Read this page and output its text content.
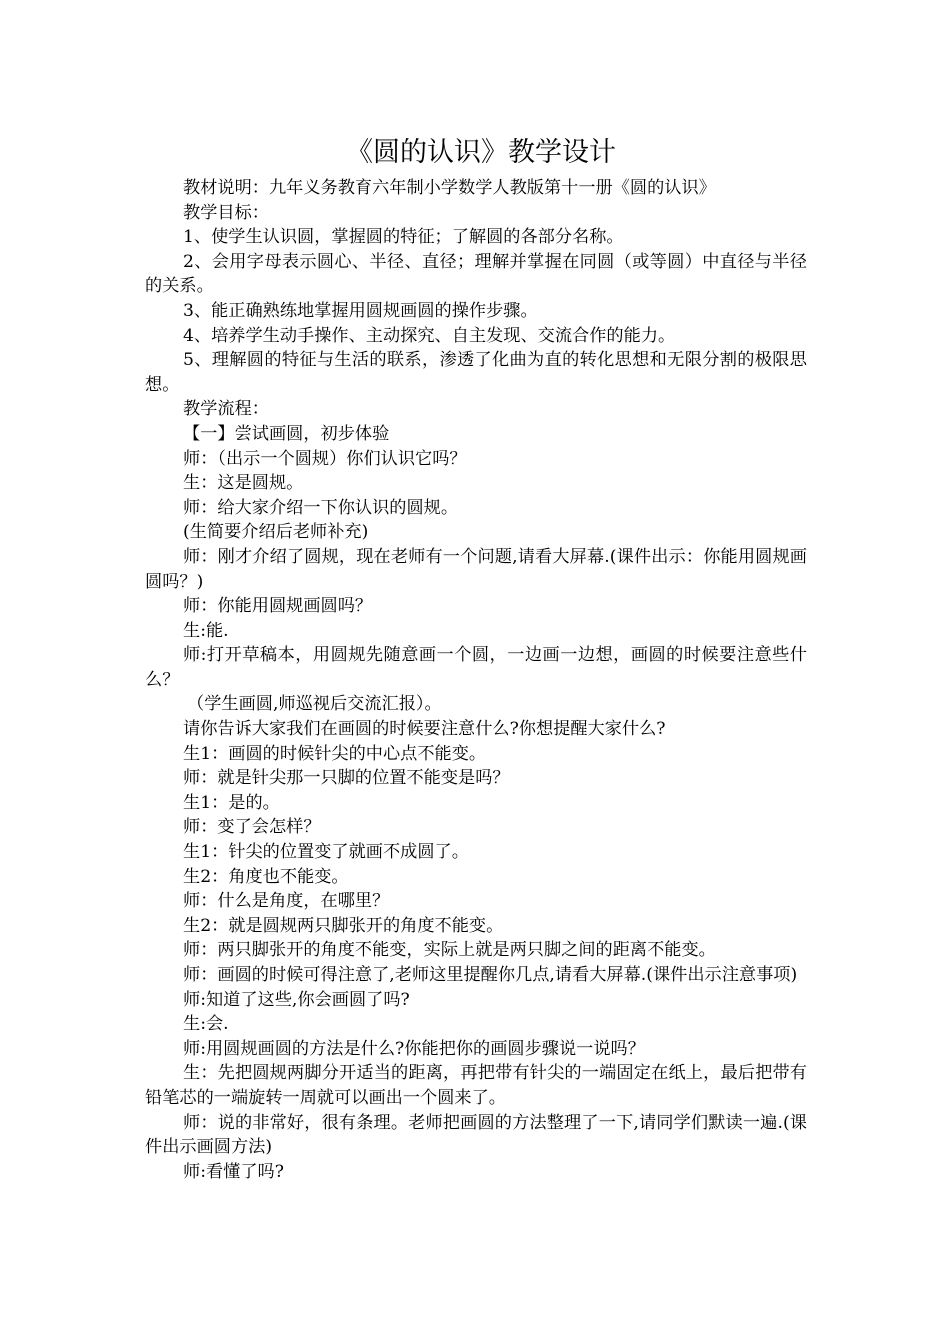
《圆的认识》教学设计

教材说明：九年义务教育六年制小学数学人教版第十一册《圆的认识》

教学目标：

1、使学生认识圆，掌握圆的特征；了解圆的各部分名称。

2、会用字母表示圆心、半径、直径；理解并掌握在同圆（或等圆）中直径与半径的关系。

3、能正确熟练地掌握用圆规画圆的操作步骤。

4、培养学生动手操作、主动探究、自主发现、交流合作的能力。

5、理解圆的特征与生活的联系，渗透了化曲为直的转化思想和无限分割的极限思想。

教学流程：

【一】尝试画圆，初步体验

师：（出示一个圆规）你们认识它吗？

生：这是圆规。

师：给大家介绍一下你认识的圆规。

(生简要介绍后老师补充)

师：刚才介绍了圆规，现在老师有一个问题,请看大屏幕.(课件出示：你能用圆规画圆吗？)

师：你能用圆规画圆吗？

生:能.

师:打开草稿本，用圆规先随意画一个圆，一边画一边想，画圆的时候要注意些什么？

（学生画圆,师巡视后交流汇报）。

请你告诉大家我们在画圆的时候要注意什么?你想提醒大家什么?

生1：画圆的时候针尖的中心点不能变。

师：就是针尖那一只脚的位置不能变是吗？

生1：是的。

师：变了会怎样？

生1：针尖的位置变了就画不成圆了。

生2：角度也不能变。

师：什么是角度，在哪里？

生2：就是圆规两只脚张开的角度不能变。

师：两只脚张开的角度不能变，实际上就是两只脚之间的距离不能变。

师：画圆的时候可得注意了,老师这里提醒你几点,请看大屏幕.(课件出示注意事项)

师:知道了这些,你会画圆了吗?

生:会.

师:用圆规画圆的方法是什么?你能把你的画圆步骤说一说吗？

生：先把圆规两脚分开适当的距离，再把带有针尖的一端固定在纸上，最后把带有铅笔芯的一端旋转一周就可以画出一个圆来了。

师：说的非常好，很有条理。老师把画圆的方法整理了一下,请同学们默读一遍.(课件出示画圆方法)

师:看懂了吗?
